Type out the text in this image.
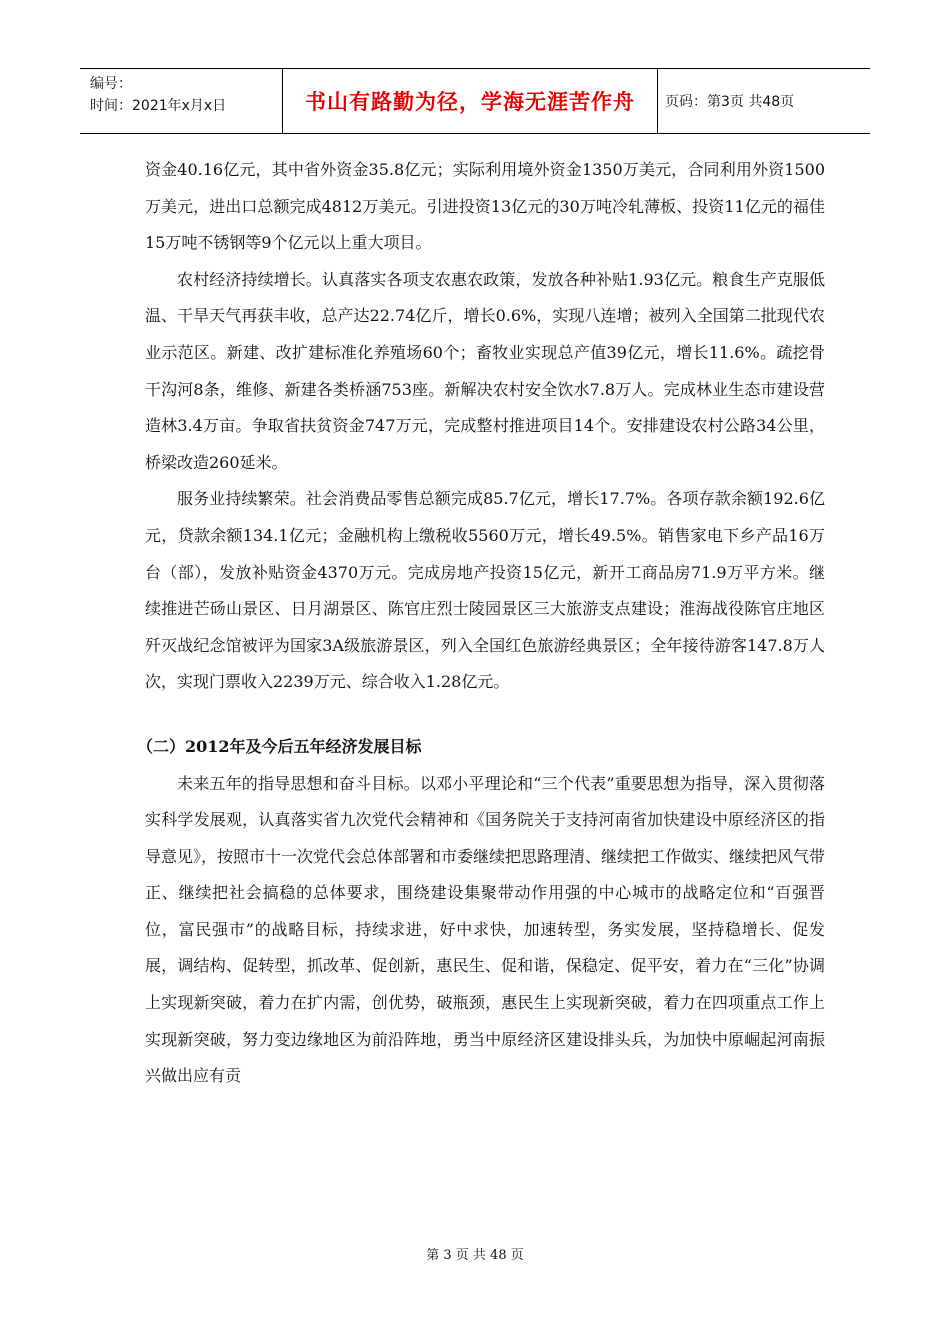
编号：
时间：2021年x月x日	书山有路勤为径，学海无涯苦作舟	页码：第3页 共48页

资金40.16亿元，其中省外资金35.8亿元；实际利用境外资金1350万美元，合同利用外资1500万美元，进出口总额完成4812万美元。引进投资13亿元的30万吨冷轧薄板、投资11亿元的福佳15万吨不锈钢等9个亿元以上重大项目。

农村经济持续增长。认真落实各项支农惠农政策，发放各种补贴1.93亿元。粮食生产克服低温、干旱天气再获丰收，总产达22.74亿斤，增长0.6%，实现八连增；被列入全国第二批现代农业示范区。新建、改扩建标准化养殖场60个；畜牧业实现总产值39亿元，增长11.6%。疏挖骨干沟河8条，维修、新建各类桥涵753座。新解决农村安全饮水7.8万人。完成林业生态市建设营造林3.4万亩。争取省扶贫资金747万元，完成整村推进项目14个。安排建设农村公路34公里，桥梁改造260延米。

服务业持续繁荣。社会消费品零售总额完成85.7亿元，增长17.7%。各项存款余额192.6亿元，贷款余额134.1亿元；金融机构上缴税收5560万元，增长49.5%。销售家电下乡产品16万台（部），发放补贴资金4370万元。完成房地产投资15亿元，新开工商品房71.9万平方米。继续推进芒砀山景区、日月湖景区、陈官庄烈士陵园景区三大旅游支点建设；淮海战役陈官庄地区歼灭战纪念馆被评为国家3A级旅游景区，列入全国红色旅游经典景区；全年接待游客147.8万人次，实现门票收入2239万元、综合收入1.28亿元。

（二）2012年及今后五年经济发展目标

未来五年的指导思想和奋斗目标。以邓小平理论和“三个代表”重要思想为指导，深入贯彻落实科学发展观，认真落实省九次党代会精神和《国务院关于支持河南省加快建设中原经济区的指导意见》，按照市十一次党代会总体部署和市委继续把思路理清、继续把工作做实、继续把风气带正、继续把社会搞稳的总体要求，围绕建设集聚带动作用强的中心城市的战略定位和“百强晋位，富民强市”的战略目标，持续求进，好中求快，加速转型，务实发展，坚持稳增长、促发展，调结构、促转型，抓改革、促创新，惠民生、促和谐，保稳定、促平安，着力在“三化”协调上实现新突破，着力在扩内需，创优势，破瓶颈，惠民生上实现新突破，着力在四项重点工作上实现新突破，努力变边缘地区为前沿阵地，勇当中原经济区建设排头兵，为加快中原崛起河南振兴做出应有贡

第 3 页 共 48 页
